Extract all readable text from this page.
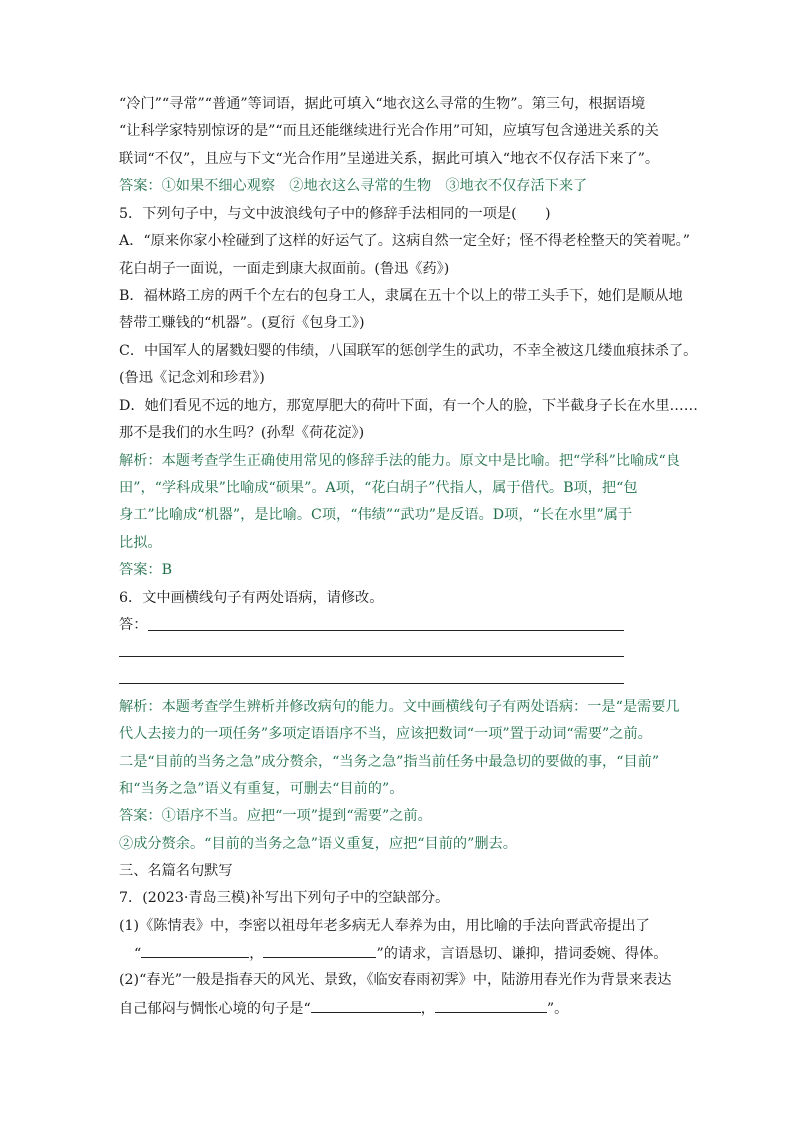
“冷门”“寻常”“普通”等词语，据此可填入“地衣这么寻常的生物”。第三句，根据语境
“让科学家特别惊讶的是”“而且还能继续进行光合作用”可知，应填写包含递进关系的关
联词“不仅”，且应与下文“光合作用”呈递进关系，据此可填入“地衣不仅存活下来了”。
答案：①如果不细心观察　②地衣这么寻常的生物　③地衣不仅存活下来了
5．下列句子中，与文中波浪线句子中的修辞手法相同的一项是(　　)
A．“原来你家小栓碰到了这样的好运气了。这病自然一定全好；怪不得老栓整天的笑着呢。”
花白胡子一面说，一面走到康大叔面前。(鲁迅《药》)
B．福林路工房的两千个左右的包身工人，隶属在五十个以上的带工头手下，她们是顺从地
替带工赚钱的“机器”。(夏衍《包身工》)
C．中国军人的屠戮妇婴的伟绩，八国联军的惩创学生的武功，不幸全被这几缕血痕抹杀了。
(鲁迅《记念刘和珍君》)
D．她们看见不远的地方，那宽厚肥大的荷叶下面，有一个人的脸，下半截身子长在水里……
那不是我们的水生吗？(孙犁《荷花淀》)
解析：本题考查学生正确使用常见的修辞手法的能力。原文中是比喻。把“学科”比喻成“良
田”，“学科成果”比喻成“硕果”。A项，“花白胡子”代指人，属于借代。B项，把“包
身工”比喻成“机器”，是比喻。C项，“伟绩”“武功”是反语。D项，“长在水里”属于
比拟。
答案：B
6．文中画横线句子有两处语病，请修改。
答：
解析：本题考查学生辨析并修改病句的能力。文中画横线句子有两处语病：一是“是需要几
代人去接力的一项任务”多项定语语序不当，应该把数词“一项”置于动词“需要”之前。
二是“目前的当务之急”成分赘余，“当务之急”指当前任务中最急切的要做的事，“目前”
和“当务之急”语义有重复，可删去“目前的”。
答案：①语序不当。应把“一项”提到“需要”之前。
②成分赘余。“目前的当务之急”语义重复，应把“目前的”删去。
三、名篇名句默写
7．(2023·青岛三模)补写出下列句子中的空缺部分。
(1)《陈情表》中，李密以祖母年老多病无人奉养为由，用比喻的手法向晋武帝提出了
“	，	”的请求，言语恳切、谦抑，措词委婉、得体。
(2)“春光”一般是指春天的风光、景致，《临安春雨初霁》中，陆游用春光作为背景来表达
自己郁闷与惆怅心境的句子是“	，	”。
